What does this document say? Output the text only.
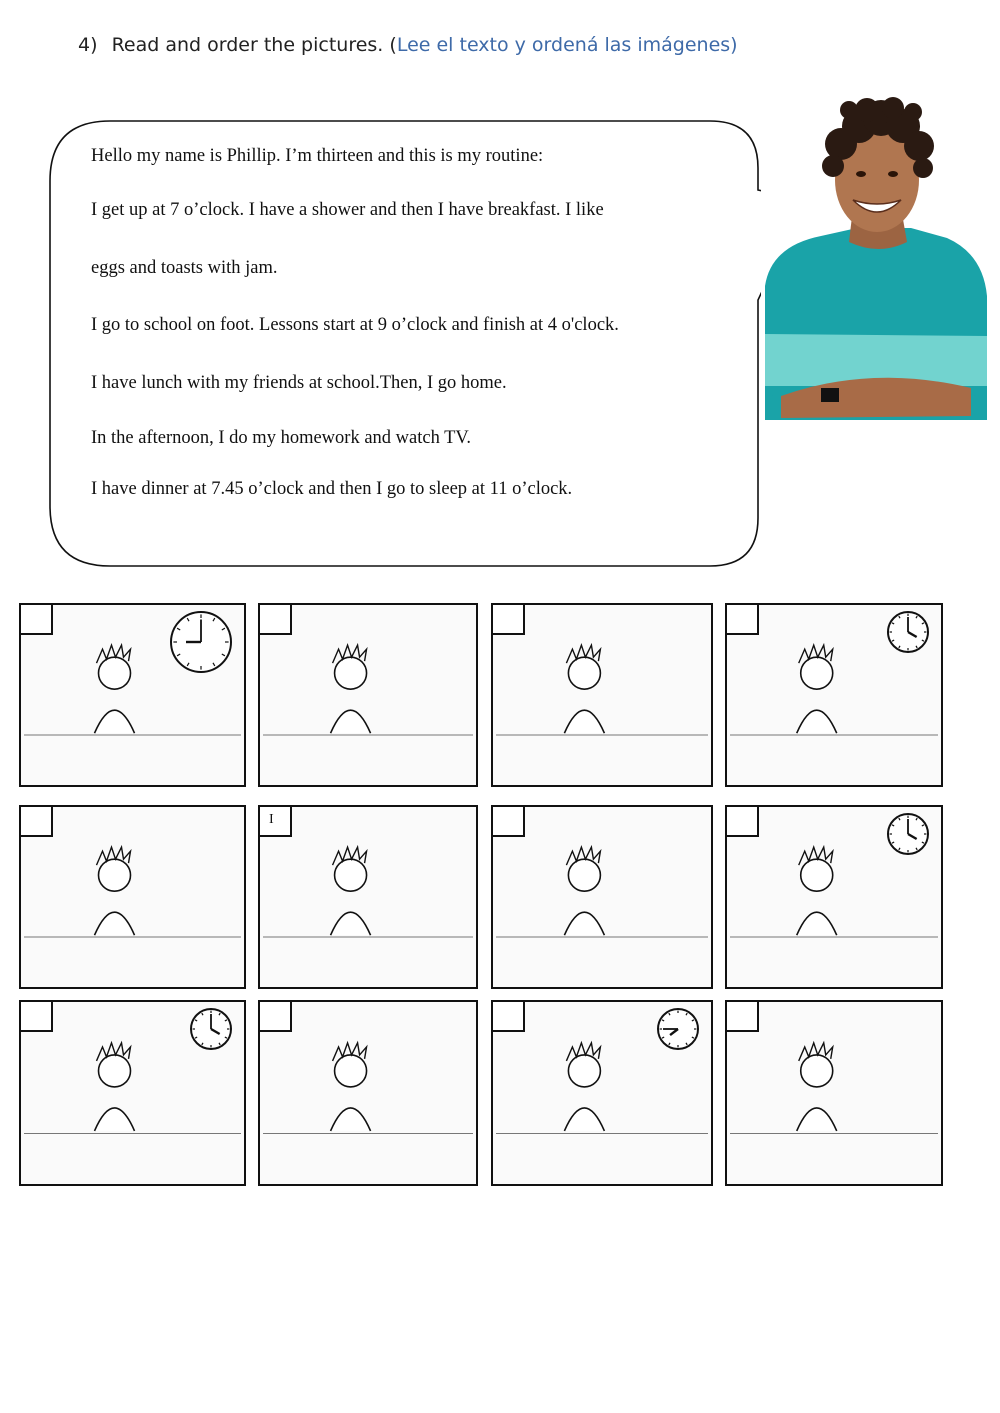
4) Read and order the pictures. (Lee el texto y ordená las imágenes)

Hello my name is Phillip. I’m thirteen and this is my routine:

I get up at 7 o’clock. I have a shower and then I have breakfast. I like

eggs and toasts with jam.

I go to school on foot. Lessons start at 9 o’clock and finish at 4 o'clock.

I have lunch with my friends at school.Then, I go home.

In the afternoon, I do my homework and watch TV.

I have dinner at 7.45 o’clock and then I go to sleep at 11 o’clock.

I
